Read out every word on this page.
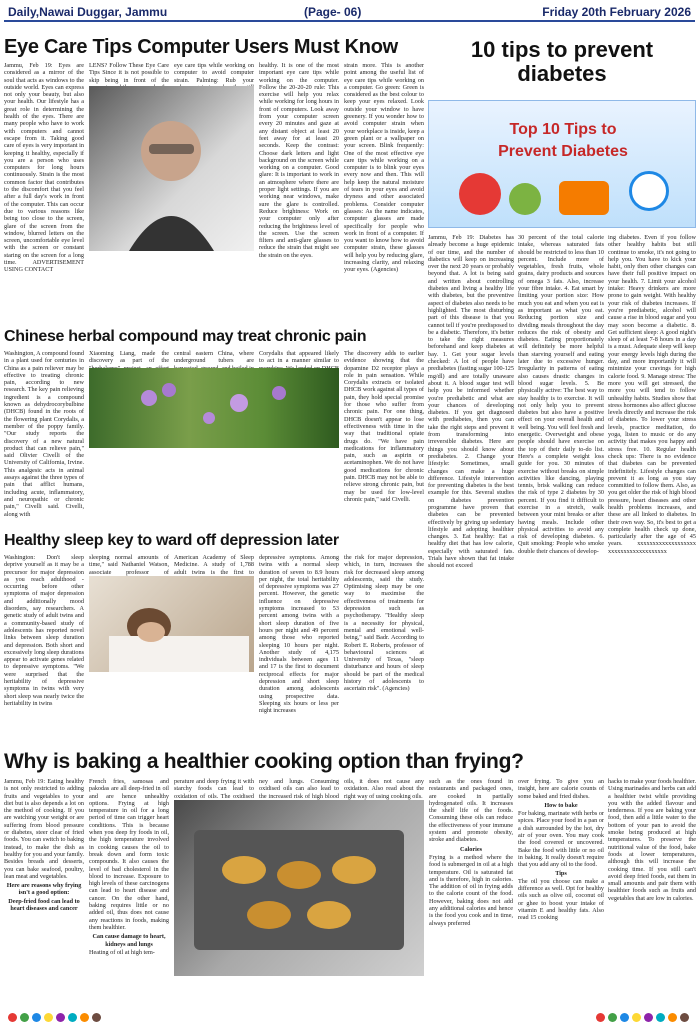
Daily,Nawai Duggar, Jammu	(Page- 06)	Friday 20th February 2026
Eye Care Tips Computer Users Must Know
Jammu, Feb 19: Eyes are considered as a mirror of the soul that acts as windows to the outside world. Eyes can express not only your beauty, but also your health. Our lifestyle has a great role in determining the health of the eyes. There are many people who have to work with computers and cannot escape from it. Taking good care of eyes is very important in keeping it healthy, especially if you are a person who uses computers for long hours continuously. Strain is the most common factor that contributes to the discomfort that you feel after a full day's work in front of the computer. This can occur due to various reasons like being too close to the screen, glare of the screen from the window, blurred letters on the screen, uncomfortable eye level with the screen or constant staring on the screen for a long time. ADVERTISEMENT USING CONTACT
LENS? Follow These Eye Care Tips Since it is not possible to skip being in front of the
eye care tips while working on computer to avoid computer strain. Palming: Rub your
healthy. It is one of the most important eye care tips while working on the computer. Follow the 20-20-20 rule: This exercise will help you relax while working for long hours in front of computers. Look away from your computer screen every 20 minutes and gaze at any distant object at least 20 feet away for at least 20 seconds. Keep the contrast: Choose dark letters and light background on the screen while working on a computer. Good glare: It is important to work in an atmosphere where there are proper light settings. If you are working near windows, make sure the glare is controlled. Reduce brightness: Work on your computer only after reducing the brightness level of the screen. Use the screen filters and anti-glare glasses to reduce the strain that might see the strain on the eyes.
strain more. This is another point among the useful list of eye care tips while working on a computer. Go green: Green is considered as the best colour to keep your eyes relaxed. Look outside your window to have greenery. If you wonder how to avoid computer strain when your workplace is inside, keep a green plant or a wallpaper on your screen. Blink frequently: One of the most effective eye care tips while working on a computer is to blink your eyes every now and then. This will help keep the natural moisture of tears in your eyes and avoid dryness and other associated problems. Consider computer glasses: As the name indicates, computer glasses are made specifically for people who work in front of a computer. If you want to know how to avoid computer strain, these glasses will help you by reducing glare, increasing clarity, and relaxing your eyes. (Agencies)
10 tips to prevent
diabetes
Top 10 Tips to
Prevent Diabetes
Jammu, Feb 19: Diabetes has already become a huge epidemic of our time, and the number of diabetics will keep on increasing over the next 20 years or probably beyond that. A lot is being said and written about controlling diabetes and living a healthy life with diabetes, but the preventive aspect of diabetes also needs to be highlighted. The most disturbing part of this disease is that you cannot tell if you're predisposed to be a diabetic. Therefore, it's better to take the right measures beforehand and keep diabetes at bay. 1. Get your sugar levels checked: A lot of people have prediabetes (fasting sugar 100-125 mg/dl) and are totally unaware about it. A blood sugar test will help you be informed whether you're prediabetic and what are your chances of developing diabetes. If you get diagnosed with prediabetes, then you can take the right steps and prevent it from transforming into irreversible diabetes. Here are things you should know about prediabetes. 2. Change your lifestyle: Sometimes, small changes can make a huge difference. Lifestyle intervention for preventing diabetes is the best example for this. Several studies on diabetes prevention programme have proven that diabetes can be prevented effectively by giving up sedentary lifestyle and adopting healthier changes. 3. Eat healthy: Eat a healthy diet that has low calorie, especially with saturated fats. Trials have shown that fat intake should not exceed
30 percent of the total calorie intake, whereas saturated fats should be restricted to less than 10 percent. Include more of vegetables, fresh fruits, whole grains, dairy products and sources of omega 3 fats. Also, increase your fibre intake. 4. Eat smart by limiting your portion size: How much you eat and when you eat is as important as what you eat. Reducing portion size and dividing meals throughout the day reduces the risk of obesity and diabetes. Eating proportionately will definitely be more helpful than starving yourself and eating later due to excessive hunger. Irregularity in patterns of eating also causes drastic changes in blood sugar levels. 5. Be physically active: The best way to stay healthy is to exercise. It will not only help you to prevent diabetes but also have a positive effect on your overall health and well being. You will feel fresh and energetic. Overweight and obese people should have exercise on the top of their daily to-do list. Here's a complete weight loss guide for you. 30 minutes of exercise without breaks on simple activities like dancing, playing tennis, brisk walking can reduce the risk of type 2 diabetes by 30 percent. If you find it difficult to exercise in a stretch, walk between your mini breaks or after having meals. Include other physical activities to avoid any risk of developing diabetes. 6. Quit smoking: People who smoke double their chances of develop-
ing diabetes. Even if you follow other healthy habits but still continue to smoke, it's not going to help you. You have to kick your habit, only then other changes can have their full positive impact on your health. 7. Limit your alcohol intake: Heavy drinkers are more prone to gain weight. With healthy your risk of diabetes increases. If you're prediabetic, alcohol will cause a rise in blood sugar and you may soon become a diabetic. 8. Get sufficient sleep: A good night's sleep of at least 7-8 hours in a day is a must. Adequate sleep will keep your energy levels high during the day, and more importantly it will minimize your cravings for high calorie food. 9. Manage stress: The more you will get stressed, the more you will tend to follow unhealthy habits. Studies show that stress hormones also affect glucose levels directly and increase the risk of diabetes. To lower your stress levels, practice meditation, do yoga, listen to music or do any activity that makes you happy and stress free. 10. Regular health check ups: There is no evidence that diabetes can be prevented indefinitely. Lifestyle changes can prevent it as long as you stay committed to follow them. Also, as you get older the risk of high blood pressure, heart diseases and other health problems increases, and these are all linked to diabetes. In their own way. So, it's best to get a complete health check up done, particularly after the age of 45 years. xxxxxxxxxxxxxxxxxxx xxxxxxxxxxxxxxxxxxx
Chinese herbal compound may treat chronic pain
Washington, A compound found in a plant used for centuries in China as a pain reliever may be effective to treating chronic pain, according to new research. The key pain relieving ingredient is a compound known as dehydrocorybulbine (DHCB) found in the roots of the flowering plant Corydalis, a member of the poppy family. "Our study reports the discovery of a new natural product that can relieve pain," said Olivier Civelli of the University of California, Irvine. This analgesic acts in animal assays against the three types of pain that afflict humans, including acute, inflammatory, and neuropathic or chronic pain," Civelli said. Civelli, along with
Xiaoming Liang, made the discovery as part of the
central eastern China, where underground tubers are
Corydalis that appeared likely to act in a manner similar to
The discovery adds to earlier evidence showing that the dopamine D2 receptor plays a role in pain sensation. While Corydalis extracts or isolated DHCB work against all types of pain, they hold special promise for those who suffer from chronic pain. For one thing, DHCB doesn't appear to lose effectiveness with time in the way that traditional opiate drugs do. "We have pain medications for inflammatory pain, such as aspirin or acetaminophen. We do not have good medications for chronic pain. DHCB may not be able to relieve strong chronic pain, but may be used for low-level chronic pain," said Civelli.
Healthy sleep key to ward off depression later
Washington: Don't sleep deprive yourself as it may be a precursor for major depression as you reach adulthood - occurring before other symptoms of major depression and additionally mood disorders, say researchers. A genetic study of adult twins and a community-based study of adolescents has reported novel links between sleep duration and depression. Both short and excessively long sleep durations appear to activate genes related to depressive symptoms. "We were surprised that the heritability of depressive symptoms in twins with very short sleep was nearly twice the heritability in twins
sleeping normal amounts of time," said Nathaniel Watson, associate professor of
American Academy of Sleep Medicine. A study of 1,788 adult twins is the first to
depressive symptoms. Among twins with a normal sleep duration of seven to 8.9 hours per night, the total heritability of depressive symptoms was 27 percent. However, the genetic influence on depressive symptoms increased to 53 percent among twins with a short sleep duration of five hours per night and 49 percent among those who reported sleeping 10 hours per night. Another study of 4,175 individuals between ages 11 and 17 is the first to document reciprocal effects for major depression and short sleep duration among adolescents using prospective data. Sleeping six hours or less per night increases
the risk for major depression, which, in turn, increases the risk for decreased sleep among adolescents, said the study. Optimising sleep may be one way to maximise the effectiveness of treatments for depression such as psychotherapy. "Healthy sleep is a necessity for physical, mental and emotional well-being," said Badr. According to Robert E. Roberts, professor of behavioural sciences at University of Texas, "sleep disturbance and hours of sleep should be part of the medical history of adolescents to ascertain risk". (Agencies)
Why is baking a healthier cooking option than frying?
Jammu, Feb 19: Eating healthy is not only restricted to adding fruits and vegetables to your diet but is also depends a lot on the method of cooking. If you are watching your weight or are suffering from blood pressure or diabetes, steer clear of fried foods. You can switch to baking instead, to make the dish as healthy for you and your family. Besides breads and desserts, you can bake seafood, poultry, lean meat and vegetables.

Here are reasons why frying isn't a good option:

Deep-fried food can lead to heart diseases and cancer

French fries, samosas and pakodas are all deep-fried in oil and are hence unhealthy options. Frying at high temperature in oil for a long period of time can trigger heart conditions. This is because when you deep fry foods in oil, the high temperature involved in cooking causes the oil to break down and form toxic compounds. It also causes the level of bad cholesterol in the blood to increase. Exposure to high levels of these carcinogens can lead to heart disease and cancer. On the other hand, baking requires little or no added oil, thus does not cause any reactions in foods, making them healthier.

Can cause damage to heart, kidneys and lungs

Heating of oil at high tem-

perature and deep frying it with starchy foods can lead to oxidation of oils. The oxidised
ney and lungs. Consuming oxidised oils can also lead to the increased risk of high blood
oils, it does not cause any oxidation. Also read about the right way of using cooking oils.

such as the ones found in restaurants and packaged ones, are cooked in partially hydrogenated oils. It increases the shelf life of the foods. Consuming these oils can reduce the effectiveness of your immune system and promote obesity, stroke and diabetes.

Calories

Frying is a method where the food is submerged in oil at a high temperature. Oil is saturated fat and is therefore, high in calories. The addition of oil in frying adds to the calorie count of the food. However, baking does not add any additional calories and hence is the food you cook and in time, always preferred

over frying. To give you an insight, here are calorie counts of some baked and fried dishes.

How to bake

For baking, marinate with herbs or spices. Place your food in a pan or a dish surrounded by the hot, dry air of your oven. You may cook the food covered or uncovered. Bake the food with little or no oil in baking. It really doesn't require that you add any oil to the food.

Tips

The oil you choose can make a difference as well. Opt for healthy oils such as olive oil, coconut oil or ghee to boost your intake of vitamin E and healthy fats. Also read 15 cooking

hacks to make your foods healthier. Using marinades and herbs can add a healthier twist while providing you with the added flavour and tenderness. If you are baking your food, then add a little water to the bottom of your pan to avoid the smoke being produced at high temperatures. To preserve the nutritional value of the food, bake foods at lower temperatures, although this will increase the cooking time. If you still can't avoid deep fried foods, eat them in small amounts and pair them with healthier foods such as fruits and vegetables that are low in calories.
